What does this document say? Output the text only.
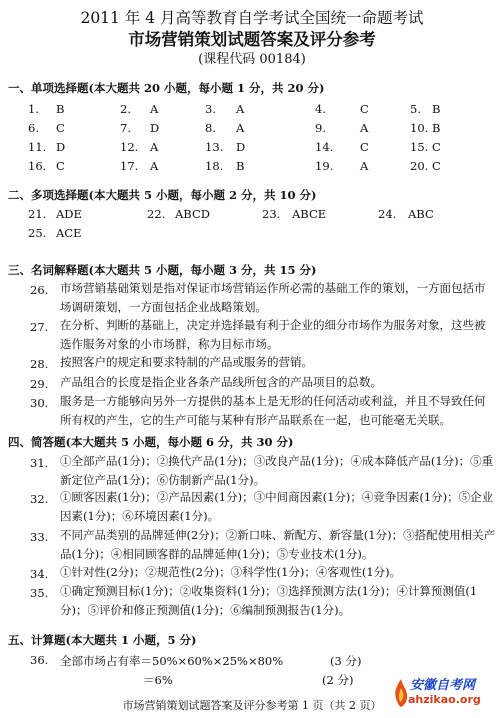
2011 年 4 月高等教育自学考试全国统一命题考试
市场营销策划试题答案及评分参考
(课程代码 00184)
一、单项选择题(本大题共 20 小题，每小题 1 分，共 20 分)
1. B	2. A	3. A	4.	C	5. B
6. C	7. D	8. A	9.	A	10. B
11. D	12. A	13. D	14. C	15. C
16. C	17. A	18. B	19. A	20. C
二、多项选择题(本大题共 5 小题，每小题 2 分，共 10 分)
21. ADE	22. ABCD	23. ABCE	24. ABC
25. ACE
三、名词解释题(本大题共 5 小题，每小题 3 分，共 15 分)
26. 市场营销基础策划是指对保证市场营销运作所必需的基础工作的策划，一方面包括市场调研策划，一方面包括企业战略策划。
27. 在分析、判断的基础上，决定并选择最有利于企业的细分市场作为服务对象，这些被选作服务对象的小市场群，称为目标市场。
28. 按照客户的规定和要求特制的产品或服务的营销。
29. 产品组合的长度是指企业各条产品线所包含的产品项目的总数。
30. 服务是一方能够向另外一方提供的基本上是无形的任何活动或利益，并且不导致任何所有权的产生，它的生产可能与某种有形产品联系在一起，也可能毫无关联。
四、简答题(本大题共 5 小题，每小题 6 分，共 30 分)
31. ①全部产品(1分)；②换代产品(1分)；③改良产品(1分)；④成本降低产品(1分)；⑤重新定位产品(1分)；⑥仿制新产品(1分)。
32. ①顾客因素(1分)；②产品因素(1分)；③中间商因素(1分)；④竞争因素(1分)；⑤企业因素(1分)；⑥环境因素(1分)。
33. 不同产品类别的品牌延伸(2分)；②新口味、新配方、新容量(1分)；③搭配使用相关产品(1分)；④相同顾客群的品牌延伸(1分)；⑤专业技术(1分)。
34. ①针对性(2分)；②规范性(2分)；③科学性(1分)；④客观性(1分)。
35. ①确定预测目标(1分)；②收集资料(1分)；③选择预测方法(1分)；④计算预测值(1分)；⑤评价和修正预测值(1分)；⑥编制预测报告(1分)。
五、计算题(本大题共 1 小题，5 分)
36. 全部市场占有率＝50%×60%×25%×80%	(3 分)
＝6%	(2 分)
市场营销策划试题答案及评分参考第 1 页（共 2 页）
安徽自考网
ahzikao.org
